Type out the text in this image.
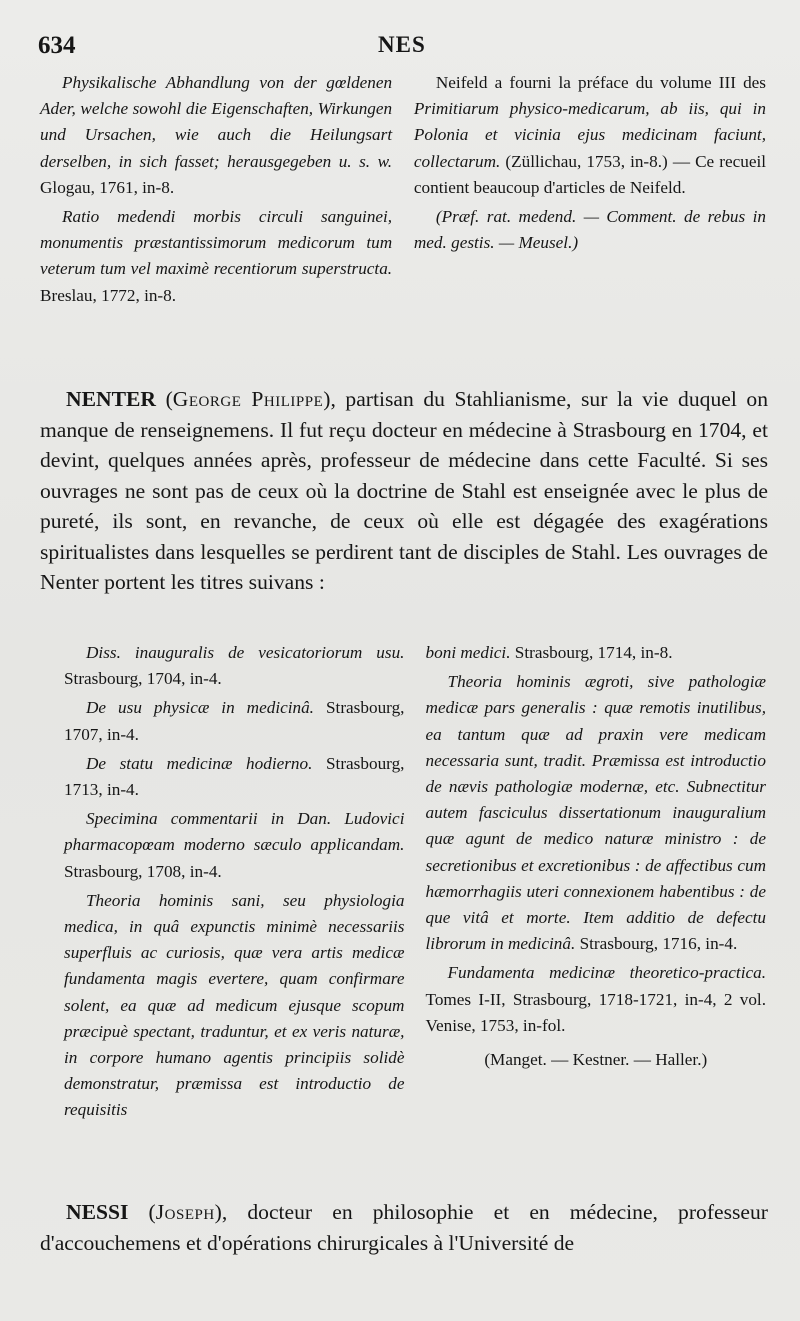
634	NES

Physikalische Abhandlung von der gœldenen Ader, welche sowohl die Eigenschaften, Wirkungen und Ursachen, wie auch die Heilungsart derselben, in sich fasset; herausgegeben u. s. w. Glogau, 1761, in-8.

Ratio medendi morbis circuli sanguinei, monumentis præstantissimorum medicorum tum veterum tum vel maximè recentiorum superstructa. Breslau, 1772, in-8.

Neifeld a fourni la préface du volume III des Primitiarum physico-medicarum, ab iis, qui in Polonia et vicinia ejus medicinam faciunt, collectarum. (Züllichau, 1753, in-8.) — Ce recueil contient beaucoup d'articles de Neifeld.

(Præf. rat. medend. — Comment. de rebus in med. gestis. — Meusel.)

NENTER (George Philippe), partisan du Stahlianisme, sur la vie duquel on manque de renseignemens. Il fut reçu docteur en médecine à Strasbourg en 1704, et devint, quelques années après, professeur de médecine dans cette Faculté. Si ses ouvrages ne sont pas de ceux où la doctrine de Stahl est enseignée avec le plus de pureté, ils sont, en revanche, de ceux où elle est dégagée des exagérations spiritualistes dans lesquelles se perdirent tant de disciples de Stahl. Les ouvrages de Nenter portent les titres suivans :

Diss. inauguralis de vesicatoriorum usu. Strasbourg, 1704, in-4.

De usu physicæ in medicinâ. Strasbourg, 1707, in-4.

De statu medicinæ hodierno. Strasbourg, 1713, in-4.

Specimina commentarii in Dan. Ludovici pharmacopœam moderno sæculo applicandam. Strasbourg, 1708, in-4.

Theoria hominis sani, seu physiologia medica, in quâ expunctis minimè necessariis superfluis ac curiosis, quæ vera artis medicæ fundamenta magis evertere, quam confirmare solent, ea quæ ad medicum ejusque scopum præcipuè spectant, traduntur, et ex veris naturæ, in corpore humano agentis principiis solidè demonstratur, præmissa est introductio de requisitis

boni medici. Strasbourg, 1714, in-8.

Theoria hominis ægroti, sive pathologiæ medicæ pars generalis : quæ remotis inutilibus, ea tantum quæ ad praxin vere medicam necessaria sunt, tradit. Præmissa est introductio de nævis pathologiæ modernæ, etc. Subnectitur autem fasciculus dissertationum inauguralium quæ agunt de medico naturæ ministro : de secretionibus et excretionibus : de affectibus cum hæmorrhagiis uteri connexionem habentibus : de que vitâ et morte. Item additio de defectu librorum in medicinâ. Strasbourg, 1716, in-4.

Fundamenta medicinæ theoretico-practica. Tomes I-II, Strasbourg, 1718-1721, in-4, 2 vol. Venise, 1753, in-fol.

(Manget. — Kestner. — Haller.)

NESSI (Joseph), docteur en philosophie et en médecine, professeur d'accouchemens et d'opérations chirurgicales à l'Université de
